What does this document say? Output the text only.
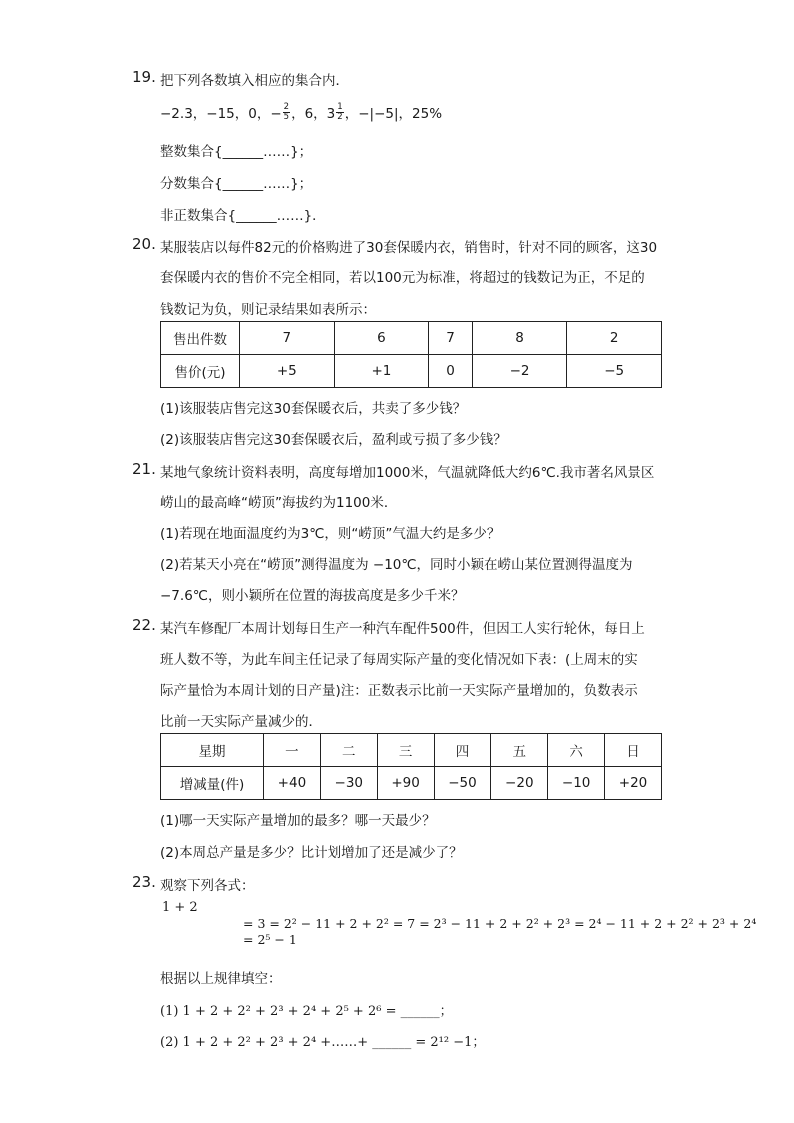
19. 把下列各数填入相应的集合内．
−2.3，−15，0，− $\frac{2}{5}$ ，6，$3 \frac{1}{2}$ ，−|−5|，25%
整数集合{______……}；
分数集合{______……}；
非正数集合{______……}．
20. 某服装店以每件82元的价格购进了30套保暖内衣，销售时，针对不同的顾客，这30
套保暖内衣的售价不完全相同，若以100元为标准，将超过的钱数记为正，不足的
钱数记为负，则记录结果如表所示：
售出件数	7	6	7	8	2
售价(元)	+5	+1	0	−2	−5
(1)该服装店售完这30套保暖衣后，共卖了多少钱？
(2)该服装店售完这30套保暖衣后，盈利或亏损了多少钱？
21. 某地气象统计资料表明，高度每增加1000米，气温就降低大约6℃.我市著名风景区
崂山的最高峰“崂顶”海拔约为1100米．
(1)若现在地面温度约为3℃，则“崂顶”气温大约是多少？
(2)若某天小亮在“崂顶”测得温度为 −10℃，同时小颖在崂山某位置测得温度为
−7.6℃，则小颖所在位置的海拔高度是多少千米？
22. 某汽车修配厂本周计划每日生产一种汽车配件500件，但因工人实行轮休，每日上
班人数不等，为此车间主任记录了每周实际产量的变化情况如下表：(上周末的实
际产量恰为本周计划的日产量)注：正数表示比前一天实际产量增加的，负数表示
比前一天实际产量减少的．
星期	一	二	三	四	五	六	日
增减量(件)	+40	−30	+90	−50	−20	−10	+20
(1)哪一天实际产量增加的最多？哪一天最少？
(2)本周总产量是多少？比计划增加了还是减少了？
23. 观察下列各式：
1 + 2
= 3 = 2² − 11 + 2 + 2² = 7 = 2³ − 11 + 2 + 2² + 2³ = 2⁴ − 11 + 2 + 2² + 2³ + 2⁴
= 2⁵ − 1
根据以上规律填空：
(1) 1 + 2 + 2² + 2³ + 2⁴ + 2⁵ + 2⁶ = ______；
(2) 1 + 2 + 2² + 2³ + 2⁴ +……+ ______ = 2¹² −1；
